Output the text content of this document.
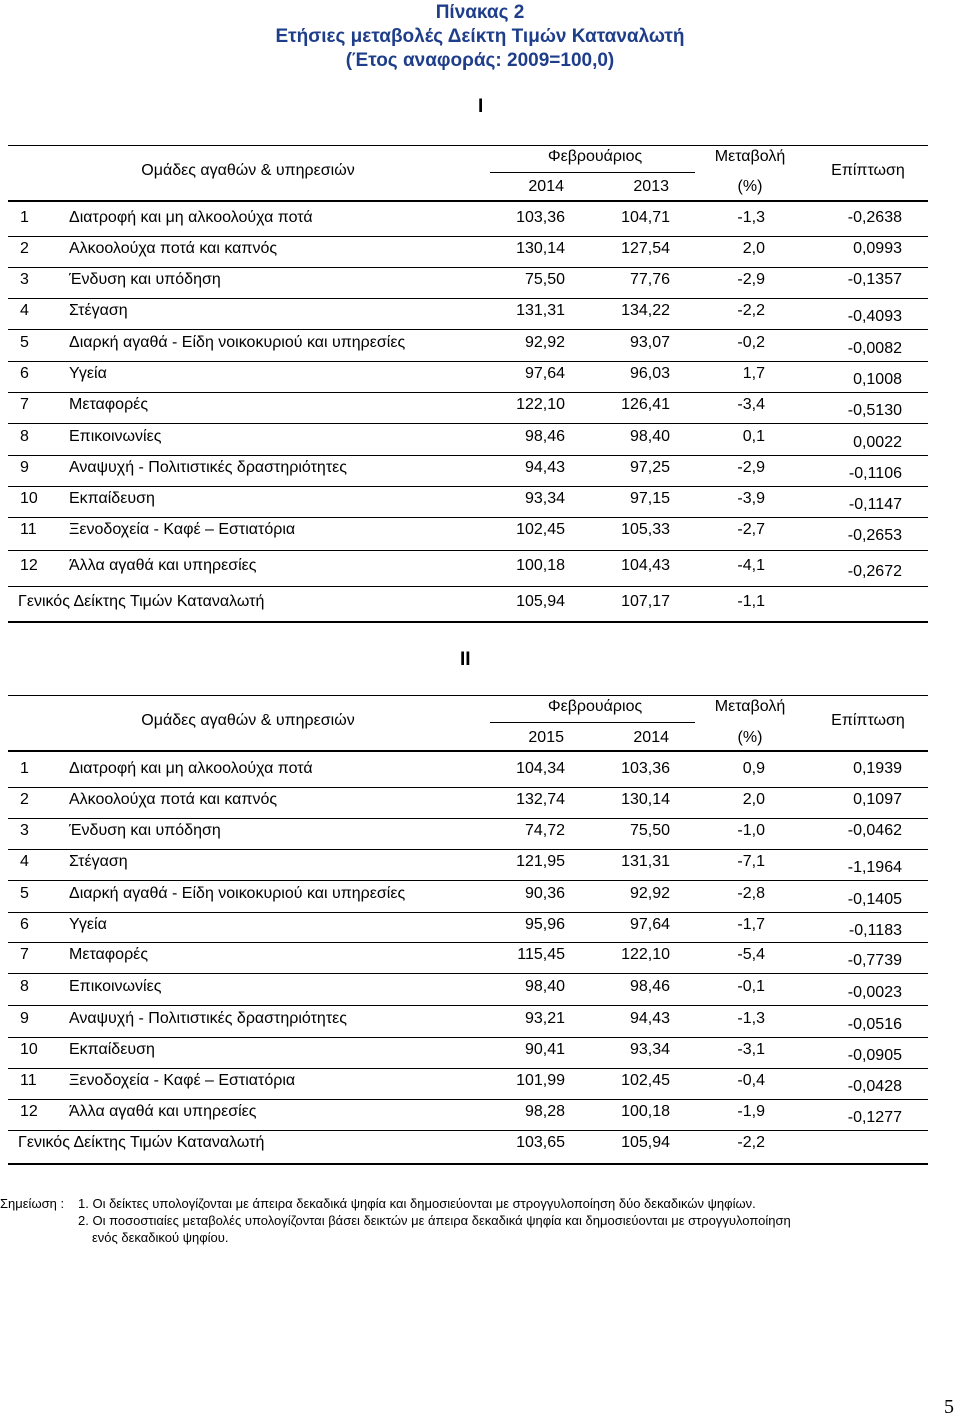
Πίνακας 2
Ετήσιες μεταβολές Δείκτη Τιμών Καταναλωτή
(Έτος αναφοράς: 2009=100,0)
I
Ομάδες αγαθών & υπηρεσιών
Φεβρουάριος
2014	2013
Μεταβολή
(%)
Επίπτωση
1	Διατροφή και μη αλκοολούχα ποτά	103,36	104,71	-1,3	-0,2638
2	Αλκοολούχα ποτά και καπνός	130,14	127,54	2,0	0,0993
3	Ένδυση και υπόδηση	75,50	77,76	-2,9	-0,1357
4	Στέγαση	131,31	134,22	-2,2	-0,4093
5	Διαρκή αγαθά - Είδη νοικοκυριού και υπηρεσίες	92,92	93,07	-0,2	-0,0082
6	Υγεία	97,64	96,03	1,7	0,1008
7	Μεταφορές	122,10	126,41	-3,4	-0,5130
8	Επικοινωνίες	98,46	98,40	0,1	0,0022
9	Αναψυχή - Πολιτιστικές δραστηριότητες	94,43	97,25	-2,9	-0,1106
10 Εκπαίδευση	93,34	97,15	-3,9	-0,1147
11 Ξενοδοχεία - Καφέ – Εστιατόρια	102,45	105,33	-2,7	-0,2653
12 Άλλα αγαθά και υπηρεσίες	100,18	104,43	-4,1	-0,2672
Γενικός Δείκτης Τιμών Καταναλωτή	105,94	107,17	-1,1
II
Ομάδες αγαθών & υπηρεσιών
Φεβρουάριος
2015	2014
Μεταβολή
(%)
Επίπτωση
1	Διατροφή και μη αλκοολούχα ποτά	104,34	103,36	0,9	0,1939
2	Αλκοολούχα ποτά και καπνός	132,74	130,14	2,0	0,1097
3	Ένδυση και υπόδηση	74,72	75,50	-1,0	-0,0462
4	Στέγαση	121,95	131,31	-7,1	-1,1964
5	Διαρκή αγαθά - Είδη νοικοκυριού και υπηρεσίες	90,36	92,92	-2,8	-0,1405
6	Υγεία	95,96	97,64	-1,7	-0,1183
7	Μεταφορές	115,45	122,10	-5,4	-0,7739
8	Επικοινωνίες	98,40	98,46	-0,1	-0,0023
9	Αναψυχή - Πολιτιστικές δραστηριότητες	93,21	94,43	-1,3	-0,0516
10 Εκπαίδευση	90,41	93,34	-3,1	-0,0905
11 Ξενοδοχεία - Καφέ – Εστιατόρια	101,99	102,45	-0,4	-0,0428
12 Άλλα αγαθά και υπηρεσίες	98,28	100,18	-1,9	-0,1277
Γενικός Δείκτης Τιμών Καταναλωτή	103,65	105,94	-2,2
Σημείωση : 1. Οι δείκτες υπολογίζονται με άπειρα δεκαδικά ψηφία και δημοσιεύονται με στρογγυλοποίηση δύο δεκαδικών ψηφίων.
2. Οι ποσοστιαίες μεταβολές υπολογίζονται βάσει δεικτών με άπειρα δεκαδικά ψηφία και δημοσιεύονται με στρογγυλοποίηση
ενός δεκαδικού ψηφίου.
5
